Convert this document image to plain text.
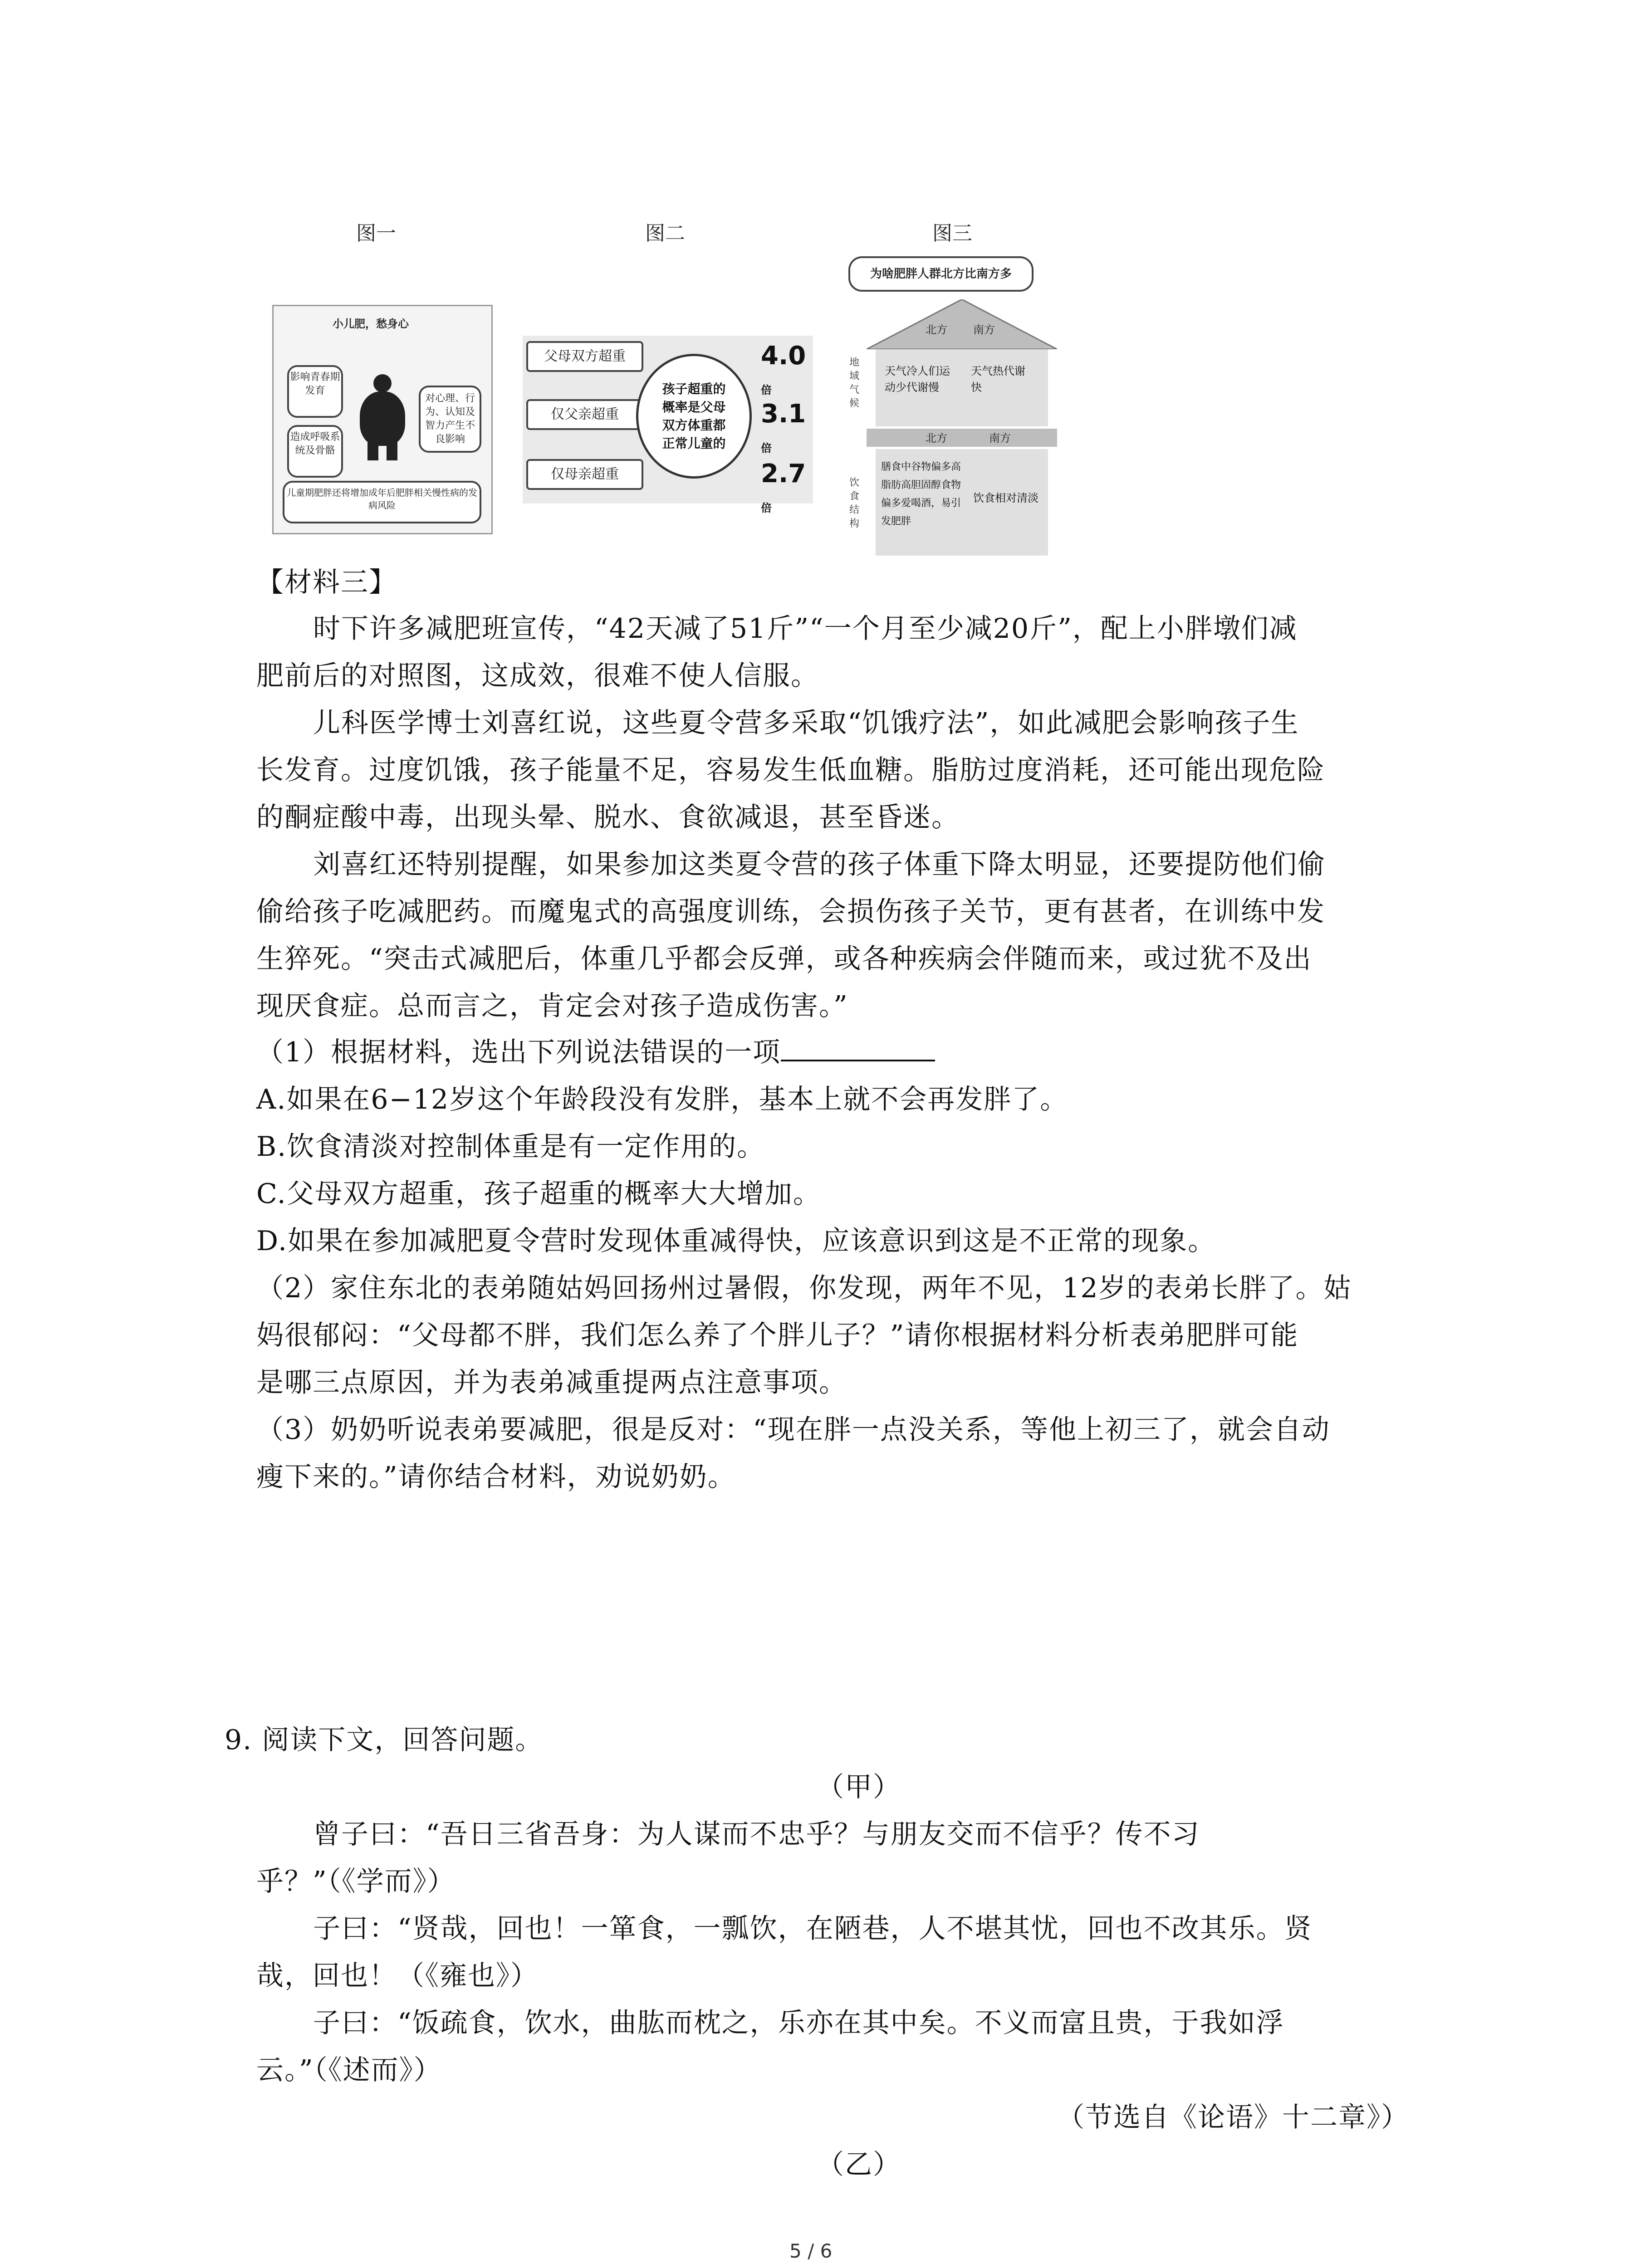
图一	图二	图三
小儿肥，愁身心
影响青春期发育
造成呼吸系统及骨骼
对心理、行为、认知及智力产生不良影响
儿童期肥胖还将增加成年后肥胖相关慢性病的发病风险
父母双方超重
仅父亲超重
仅母亲超重
孩子超重的概率是父母双方体重都正常儿童的
4.0倍
3.1倍
2.7倍
为啥肥胖人群北方比南方多
北方 南方
天气冷人们运动少代谢慢
天气热代谢快
地域气候
北方	南方
膳食中谷物偏多高脂肪高胆固醇食物偏多爱喝酒，易引发肥胖
饮食相对清淡
饮食结构
【材料三】
时下许多减肥班宣传，“42天减了51斤”“一个月至少减20斤”，配上小胖墩们减
肥前后的对照图，这成效，很难不使人信服。
儿科医学博士刘喜红说，这些夏令营多采取“饥饿疗法”，如此减肥会影响孩子生
长发育。过度饥饿，孩子能量不足，容易发生低血糖。脂肪过度消耗，还可能出现危险
的酮症酸中毒，出现头晕、脱水、食欲减退，甚至昏迷。
刘喜红还特别提醒，如果参加这类夏令营的孩子体重下降太明显，还要提防他们偷
偷给孩子吃减肥药。而魔鬼式的高强度训练，会损伤孩子关节，更有甚者，在训练中发
生猝死。“突击式减肥后，体重几乎都会反弹，或各种疾病会伴随而来，或过犹不及出
现厌食症。总而言之，肯定会对孩子造成伤害。”
（1）根据材料，选出下列说法错误的一项
A.如果在6−12岁这个年龄段没有发胖，基本上就不会再发胖了。
B.饮食清淡对控制体重是有一定作用的。
C.父母双方超重，孩子超重的概率大大增加。
D.如果在参加减肥夏令营时发现体重减得快，应该意识到这是不正常的现象。
（2）家住东北的表弟随姑妈回扬州过暑假，你发现，两年不见，12岁的表弟长胖了。姑
妈很郁闷：“父母都不胖，我们怎么养了个胖儿子？”请你根据材料分析表弟肥胖可能
是哪三点原因，并为表弟减重提两点注意事项。
（3）奶奶听说表弟要减肥，很是反对：“现在胖一点没关系，等他上初三了，就会自动
瘦下来的。”请你结合材料，劝说奶奶。
9. 阅读下文，回答问题。
（甲）
曾子曰：“吾日三省吾身：为人谋而不忠乎？与朋友交而不信乎？传不习
乎？”（《学而》）
子曰：“贤哉，回也！一箪食，一瓢饮，在陋巷，人不堪其忧，回也不改其乐。贤
哉，回也！（《雍也》）
子曰：“饭疏食，饮水，曲肱而枕之，乐亦在其中矣。不义而富且贵，于我如浮
云。”（《述而》）
（节选自《论语》十二章》）
（乙）
5 / 6
